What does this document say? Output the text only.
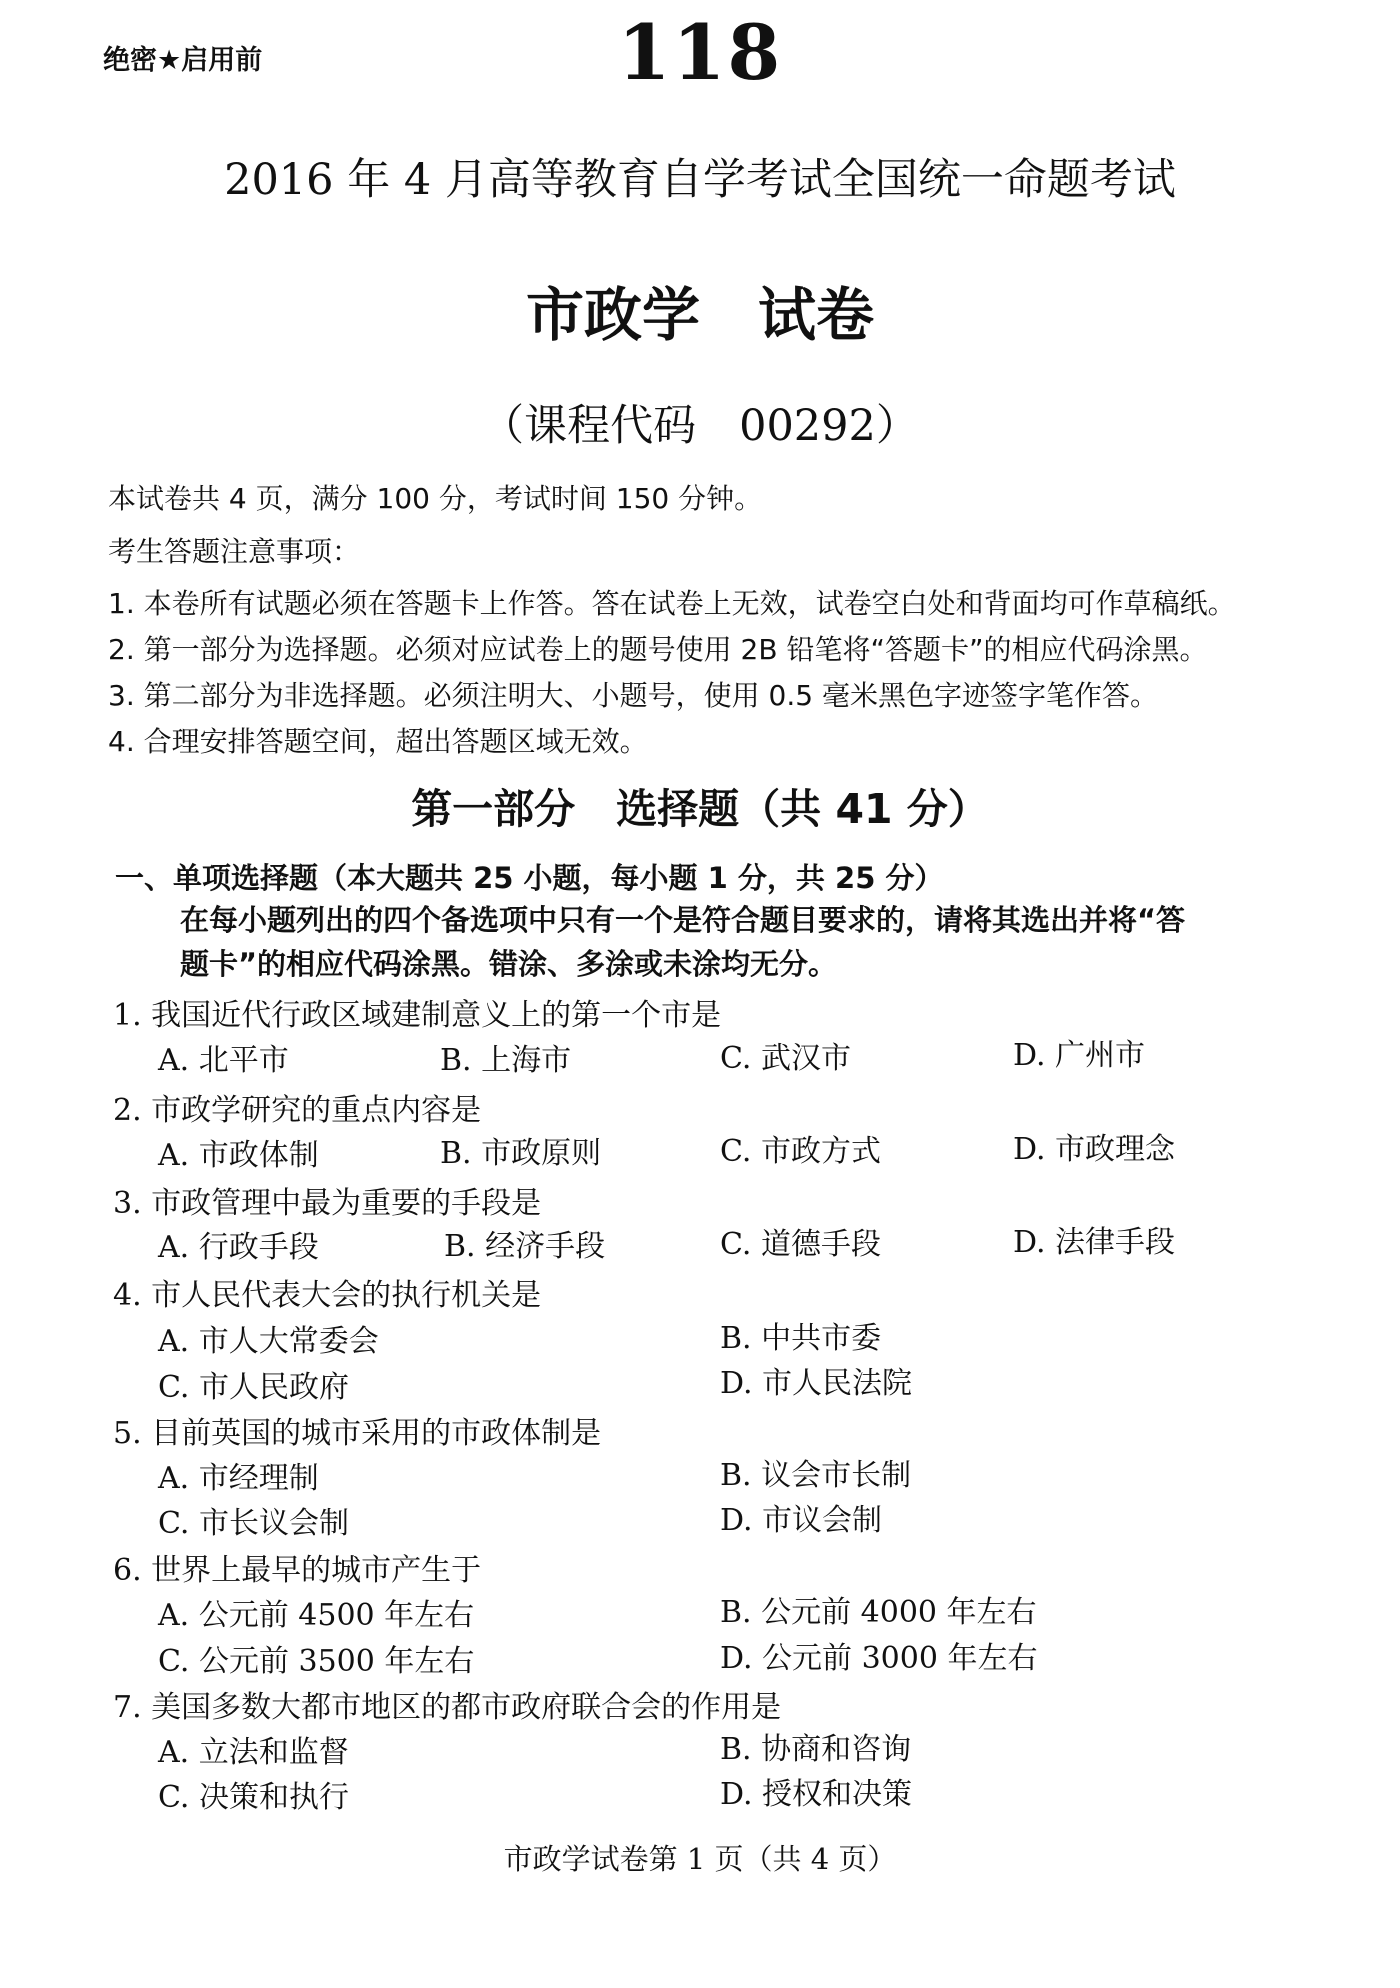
绝密★启用前	118
2016 年 4 月高等教育自学考试全国统一命题考试
市政学　试卷
（课程代码　00292）
本试卷共 4 页，满分 100 分，考试时间 150 分钟。
考生答题注意事项：
1. 本卷所有试题必须在答题卡上作答。答在试卷上无效，试卷空白处和背面均可作草稿纸。
2. 第一部分为选择题。必须对应试卷上的题号使用 2B 铅笔将“答题卡”的相应代码涂黑。
3. 第二部分为非选择题。必须注明大、小题号，使用 0.5 毫米黑色字迹签字笔作答。
4. 合理安排答题空间，超出答题区域无效。
第一部分　选择题（共 41 分）
一、单项选择题（本大题共 25 小题，每小题 1 分，共 25 分）
在每小题列出的四个备选项中只有一个是符合题目要求的，请将其选出并将“答
题卡”的相应代码涂黑。错涂、多涂或未涂均无分。
1. 我国近代行政区域建制意义上的第一个市是
A. 北平市	B. 上海市	C. 武汉市	D. 广州市
2. 市政学研究的重点内容是
A. 市政体制	B. 市政原则	C. 市政方式	D. 市政理念
3. 市政管理中最为重要的手段是
A. 行政手段	B. 经济手段	C. 道德手段	D. 法律手段
4. 市人民代表大会的执行机关是
A. 市人大常委会	B. 中共市委
C. 市人民政府	D. 市人民法院
5. 目前英国的城市采用的市政体制是
A. 市经理制	B. 议会市长制
C. 市长议会制	D. 市议会制
6. 世界上最早的城市产生于
A. 公元前 4500 年左右	B. 公元前 4000 年左右
C. 公元前 3500 年左右	D. 公元前 3000 年左右
7. 美国多数大都市地区的都市政府联合会的作用是
A. 立法和监督	B. 协商和咨询
C. 决策和执行	D. 授权和决策
市政学试卷第 1 页（共 4 页）
